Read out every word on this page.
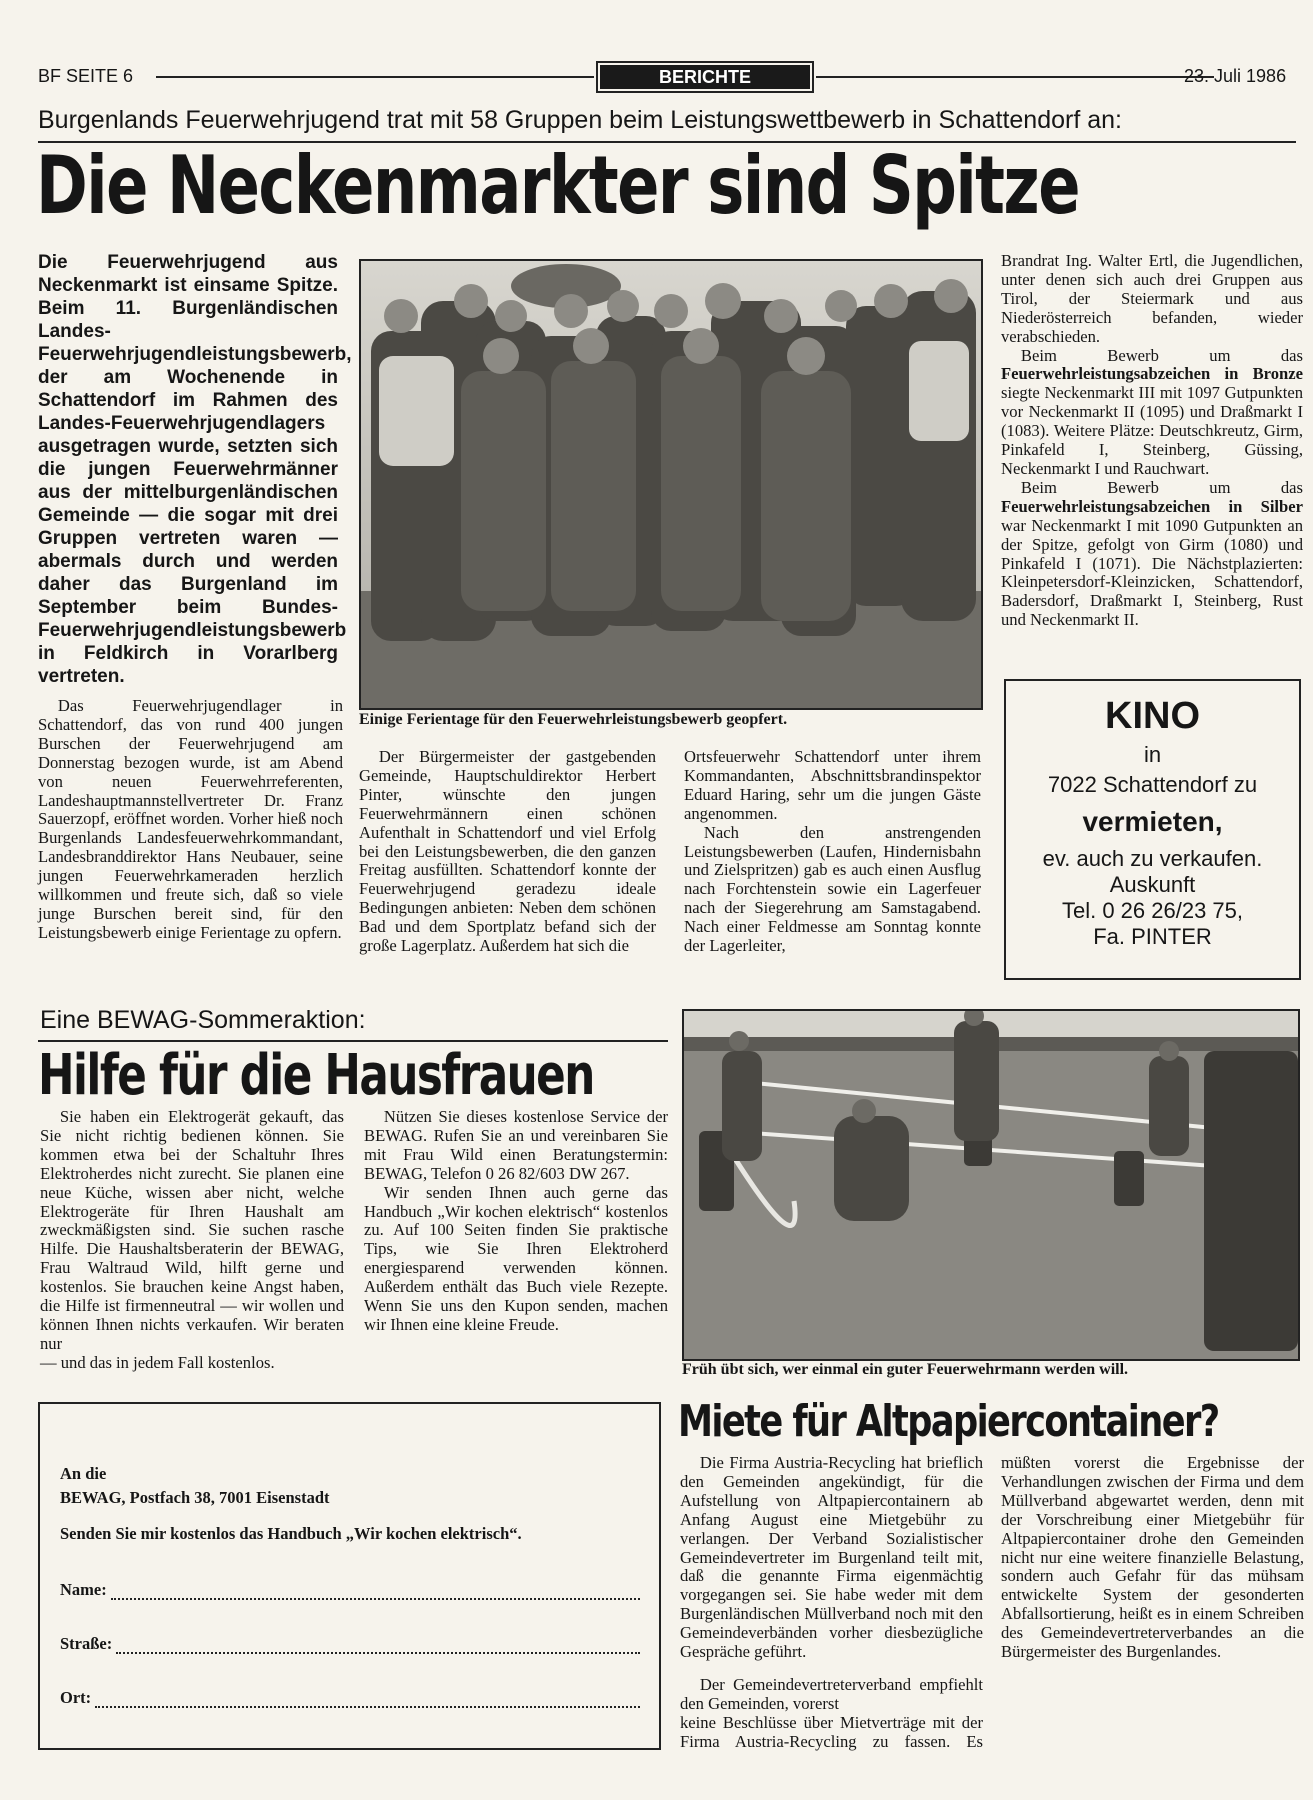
BF SEITE 6	BERICHTE	23. Juli 1986
Burgenlands Feuerwehrjugend trat mit 58 Gruppen beim Leistungswettbewerb in Schattendorf an:
Die Neckenmarkter sind Spitze
Die Feuerwehrjugend aus Neckenmarkt ist einsame Spitze. Beim 11. Burgenländischen Landes-Feuerwehrjugendleistungsbewerb, der am Wochenende in Schattendorf im Rahmen des Landes-Feuerwehrjugendlagers ausgetragen wurde, setzten sich die jungen Feuerwehrmänner aus der mittelburgenländischen Gemeinde — die sogar mit drei Gruppen vertreten waren — abermals durch und werden daher das Burgenland im September beim Bundes-Feuerwehrjugendleistungsbewerb in Feldkirch in Vorarlberg vertreten.

Das Feuerwehrjugendlager in Schattendorf, das von rund 400 jungen Burschen der Feuerwehrjugend am Donnerstag bezogen wurde, ist am Abend von neuen Feuerwehrreferenten, Landeshauptmannstellvertreter Dr. Franz Sauerzopf, eröffnet worden. Vorher hieß noch Burgenlands Landesfeuerwehrkommandant, Landesbranddirektor Hans Neubauer, seine jungen Feuerwehrkameraden herzlich willkommen und freute sich, daß so viele junge Burschen bereit sind, für den Leistungsbewerb einige Ferientage zu opfern.

Einige Ferientage für den Feuerwehrleistungsbewerb geopfert.

Der Bürgermeister der gastgebenden Gemeinde, Hauptschuldirektor Herbert Pinter, wünschte den jungen Feuerwehrmännern einen schönen Aufenthalt in Schattendorf und viel Erfolg bei den Leistungsbewerben, die den ganzen Freitag ausfüllten. Schattendorf konnte der Feuerwehrjugend geradezu ideale Bedingungen anbieten: Neben dem schönen Bad und dem Sportplatz befand sich der große Lagerplatz. Außerdem hat sich die

Ortsfeuerwehr Schattendorf unter ihrem Kommandanten, Abschnittsbrandinspektor Eduard Haring, sehr um die jungen Gäste angenommen.

Nach den anstrengenden Leistungsbewerben (Laufen, Hindernisbahn und Zielspritzen) gab es auch einen Ausflug nach Forchtenstein sowie ein Lagerfeuer nach der Siegerehrung am Samstagabend. Nach einer Feldmesse am Sonntag konnte der Lagerleiter,

Brandrat Ing. Walter Ertl, die Jugendlichen, unter denen sich auch drei Gruppen aus Tirol, der Steiermark und aus Niederösterreich befanden, wieder verabschieden.

Beim Bewerb um das Feuerwehrleistungsabzeichen in Bronze siegte Neckenmarkt III mit 1097 Gutpunkten vor Neckenmarkt II (1095) und Draßmarkt I (1083). Weitere Plätze: Deutschkreutz, Girm, Pinkafeld I, Steinberg, Güssing, Neckenmarkt I und Rauchwart.

Beim Bewerb um das Feuerwehrleistungsabzeichen in Silber war Neckenmarkt I mit 1090 Gutpunkten an der Spitze, gefolgt von Girm (1080) und Pinkafeld I (1071). Die Nächstplazierten: Kleinpetersdorf-Kleinzicken, Schattendorf, Badersdorf, Draßmarkt I, Steinberg, Rust und Neckenmarkt II.

KINO
in
7022 Schattendorf zu
vermieten,
ev. auch zu verkaufen.
Auskunft
Tel. 0 26 26/23 75,
Fa. PINTER
Eine BEWAG-Sommeraktion:
Hilfe für die Hausfrauen

Sie haben ein Elektrogerät gekauft, das Sie nicht richtig bedienen können. Sie kommen etwa bei der Schaltuhr Ihres Elektroherdes nicht zurecht. Sie planen eine neue Küche, wissen aber nicht, welche Elektrogeräte für Ihren Haushalt am zweckmäßigsten sind. Sie suchen rasche Hilfe. Die Haushaltsberaterin der BEWAG, Frau Waltraud Wild, hilft gerne und kostenlos. Sie brauchen keine Angst haben, die Hilfe ist firmenneutral — wir wollen und können Ihnen nichts verkaufen. Wir beraten nur

— und das in jedem Fall kostenlos.

Nützen Sie dieses kostenlose Service der BEWAG. Rufen Sie an und vereinbaren Sie mit Frau Wild einen Beratungstermin: BEWAG, Telefon 0 26 82/603 DW 267.

Wir senden Ihnen auch gerne das Handbuch „Wir kochen elektrisch“ kostenlos zu. Auf 100 Seiten finden Sie praktische Tips, wie Sie Ihren Elektroherd energiesparend verwenden können. Außerdem enthält das Buch viele Rezepte. Wenn Sie uns den Kupon senden, machen wir Ihnen eine kleine Freude.

Früh übt sich, wer einmal ein guter Feuerwehrmann werden will.
An die
BEWAG, Postfach 38, 7001 Eisenstadt
Senden Sie mir kostenlos das Handbuch „Wir kochen elektrisch“.
Name:
Straße:
Ort:
Miete für Altpapiercontainer?

Die Firma Austria-Recycling hat brieflich den Gemeinden angekündigt, für die Aufstellung von Altpapiercontainern ab Anfang August eine Mietgebühr zu verlangen. Der Verband Sozialistischer Gemeindevertreter im Burgenland teilt mit, daß die genannte Firma eigenmächtig vorgegangen sei. Sie habe weder mit dem Burgenländischen Müllverband noch mit den Gemeindeverbänden vorher diesbezügliche Gespräche geführt.

Der Gemeindevertreterverband empfiehlt den Gemeinden, vorerst

keine Beschlüsse über Mietverträge mit der Firma Austria-Recycling zu fassen. Es müßten vorerst die Ergebnisse der Verhandlungen zwischen der Firma und dem Müllverband abgewartet werden, denn mit der Vorschreibung einer Mietgebühr für Altpapiercontainer drohe den Gemeinden nicht nur eine weitere finanzielle Belastung, sondern auch Gefahr für das mühsam entwickelte System der gesonderten Abfallsortierung, heißt es in einem Schreiben des Gemeindevertreterverbandes an die Bürgermeister des Burgenlandes.
